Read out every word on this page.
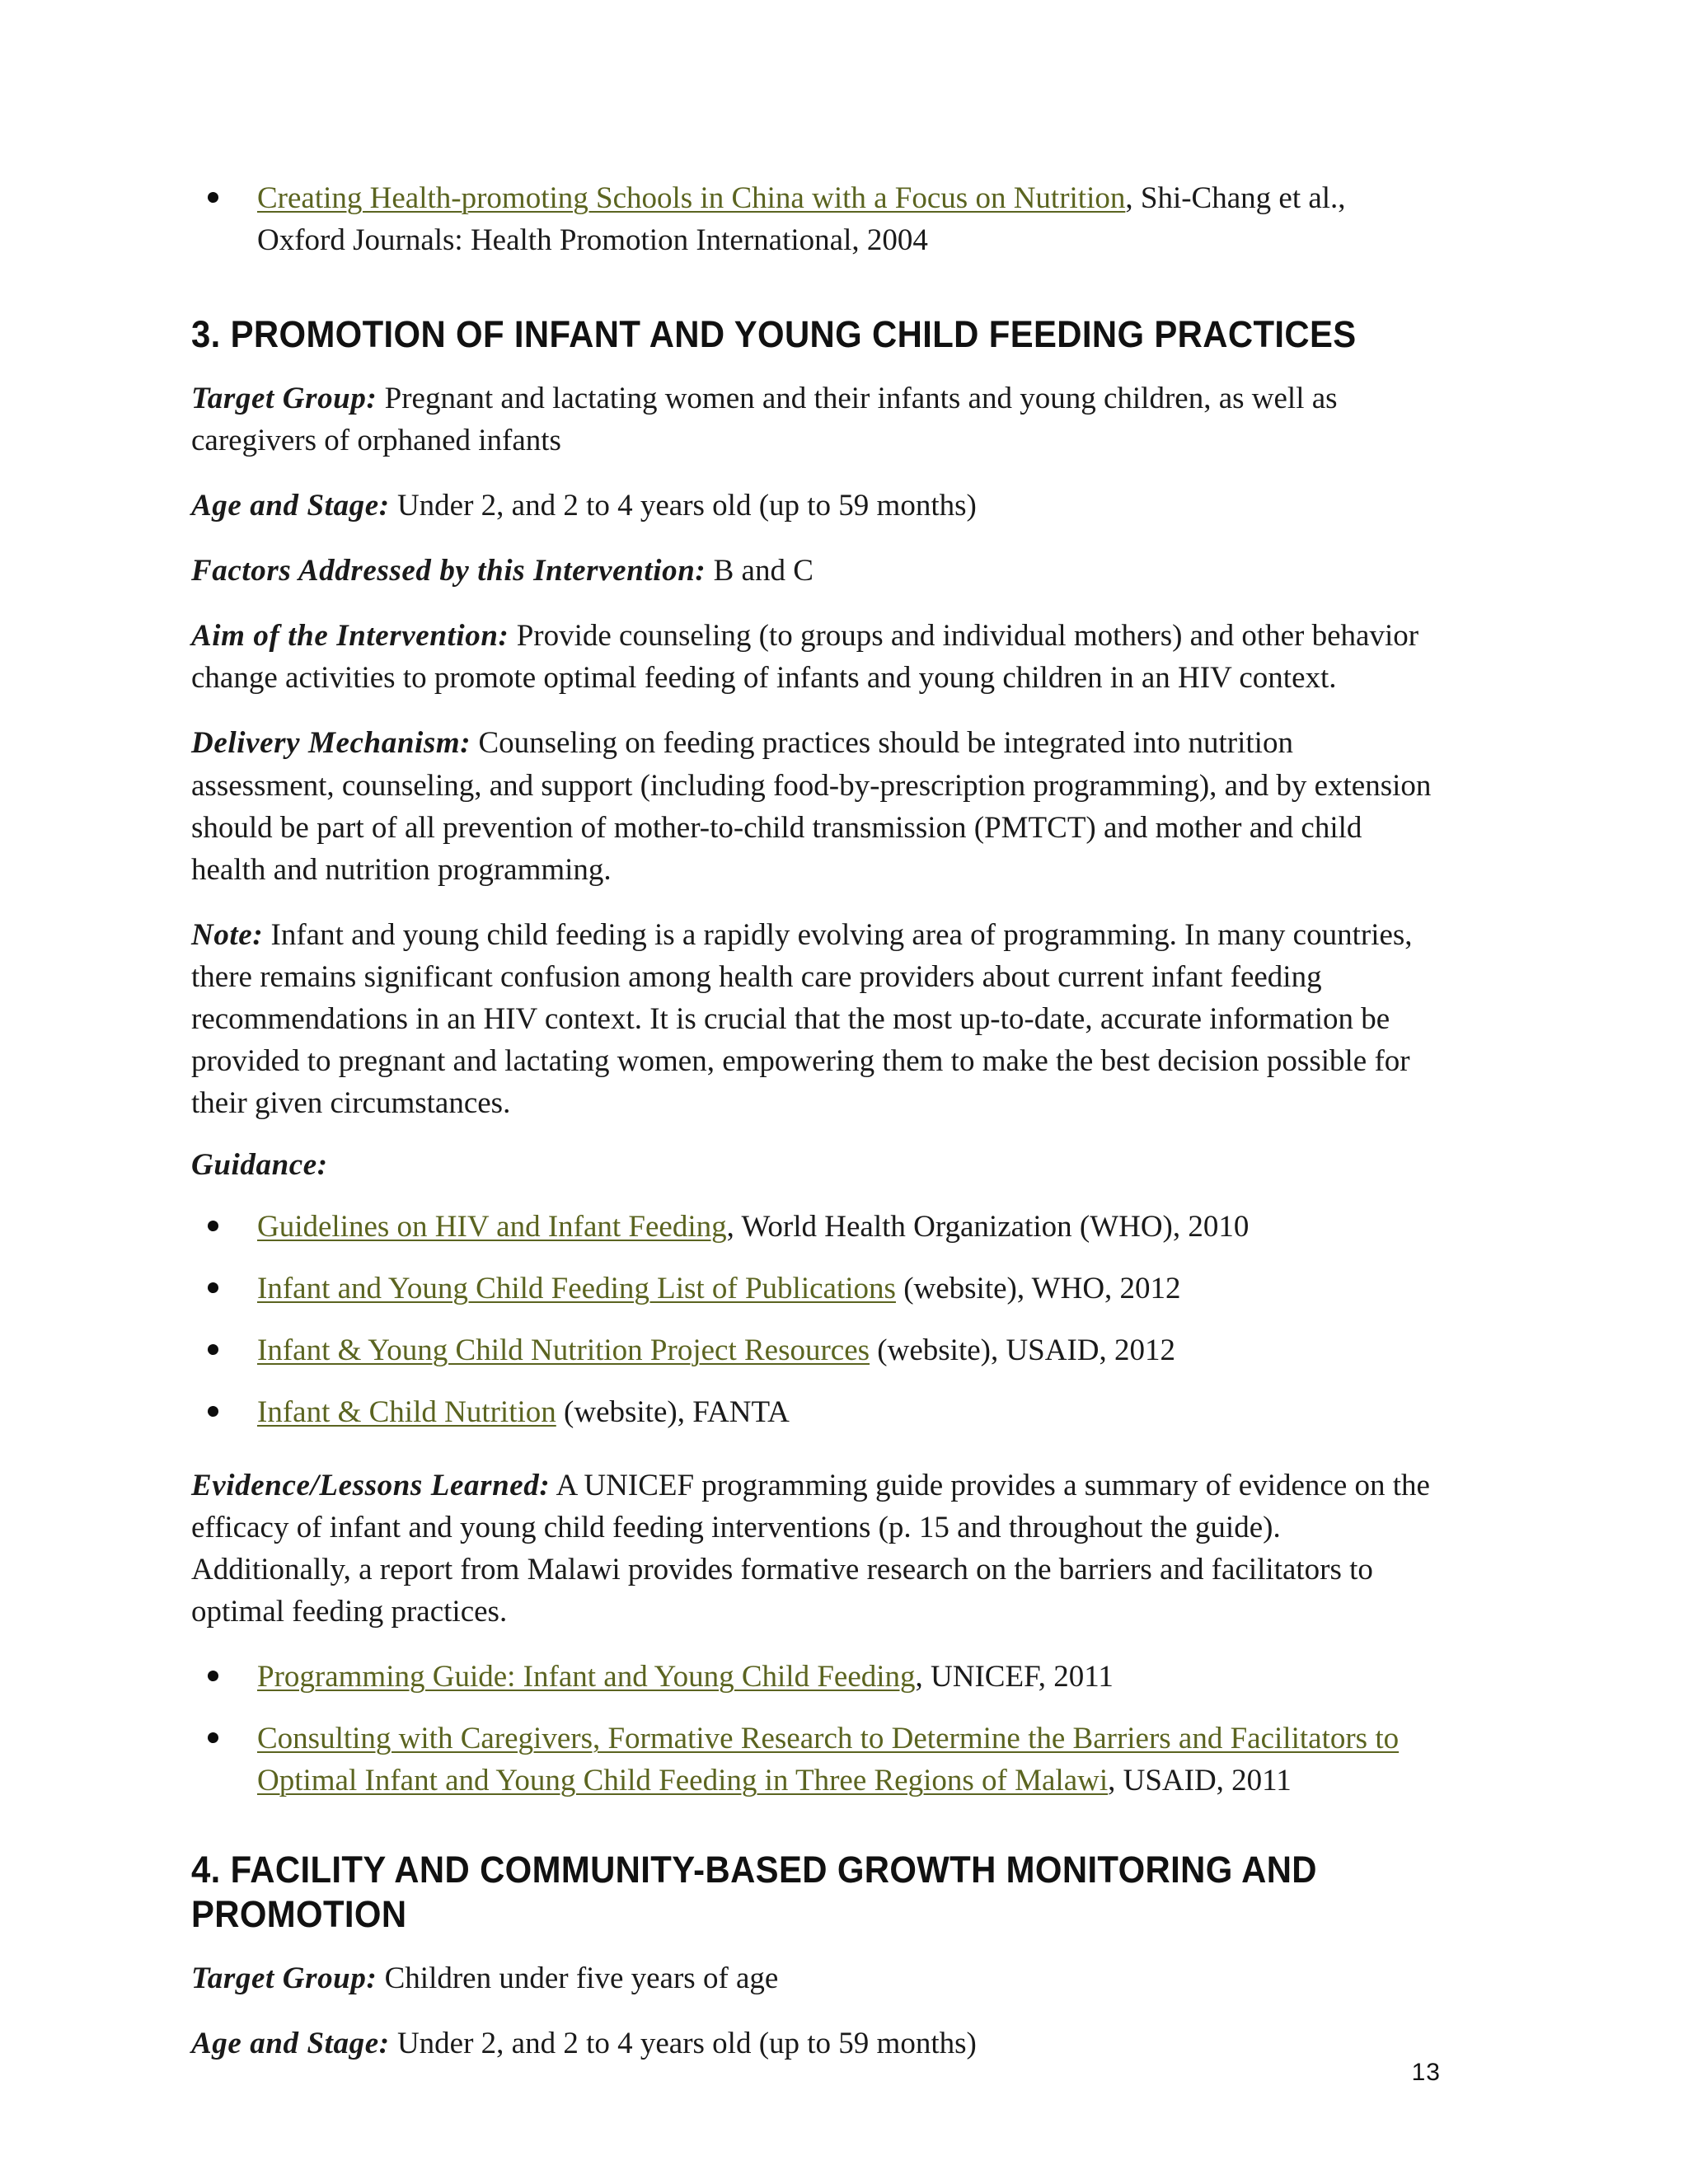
Creating Health-promoting Schools in China with a Focus on Nutrition, Shi-Chang et al., Oxford Journals: Health Promotion International, 2004
3. PROMOTION OF INFANT AND YOUNG CHILD FEEDING PRACTICES

Target Group: Pregnant and lactating women and their infants and young children, as well as caregivers of orphaned infants

Age and Stage: Under 2, and 2 to 4 years old (up to 59 months)

Factors Addressed by this Intervention: B and C

Aim of the Intervention: Provide counseling (to groups and individual mothers) and other behavior change activities to promote optimal feeding of infants and young children in an HIV context.

Delivery Mechanism: Counseling on feeding practices should be integrated into nutrition assessment, counseling, and support (including food-by-prescription programming), and by extension should be part of all prevention of mother-to-child transmission (PMTCT) and mother and child health and nutrition programming.

Note: Infant and young child feeding is a rapidly evolving area of programming. In many countries, there remains significant confusion among health care providers about current infant feeding recommendations in an HIV context. It is crucial that the most up-to-date, accurate information be provided to pregnant and lactating women, empowering them to make the best decision possible for their given circumstances.

Guidance:
Guidelines on HIV and Infant Feeding, World Health Organization (WHO), 2010
Infant and Young Child Feeding List of Publications (website), WHO, 2012
Infant & Young Child Nutrition Project Resources (website), USAID, 2012
Infant & Child Nutrition (website), FANTA

Evidence/Lessons Learned: A UNICEF programming guide provides a summary of evidence on the efficacy of infant and young child feeding interventions (p. 15 and throughout the guide). Additionally, a report from Malawi provides formative research on the barriers and facilitators to optimal feeding practices.

Programming Guide: Infant and Young Child Feeding, UNICEF, 2011
Consulting with Caregivers, Formative Research to Determine the Barriers and Facilitators to Optimal Infant and Young Child Feeding in Three Regions of Malawi, USAID, 2011
4. FACILITY AND COMMUNITY-BASED GROWTH MONITORING AND PROMOTION

Target Group: Children under five years of age

Age and Stage: Under 2, and 2 to 4 years old (up to 59 months)

13
